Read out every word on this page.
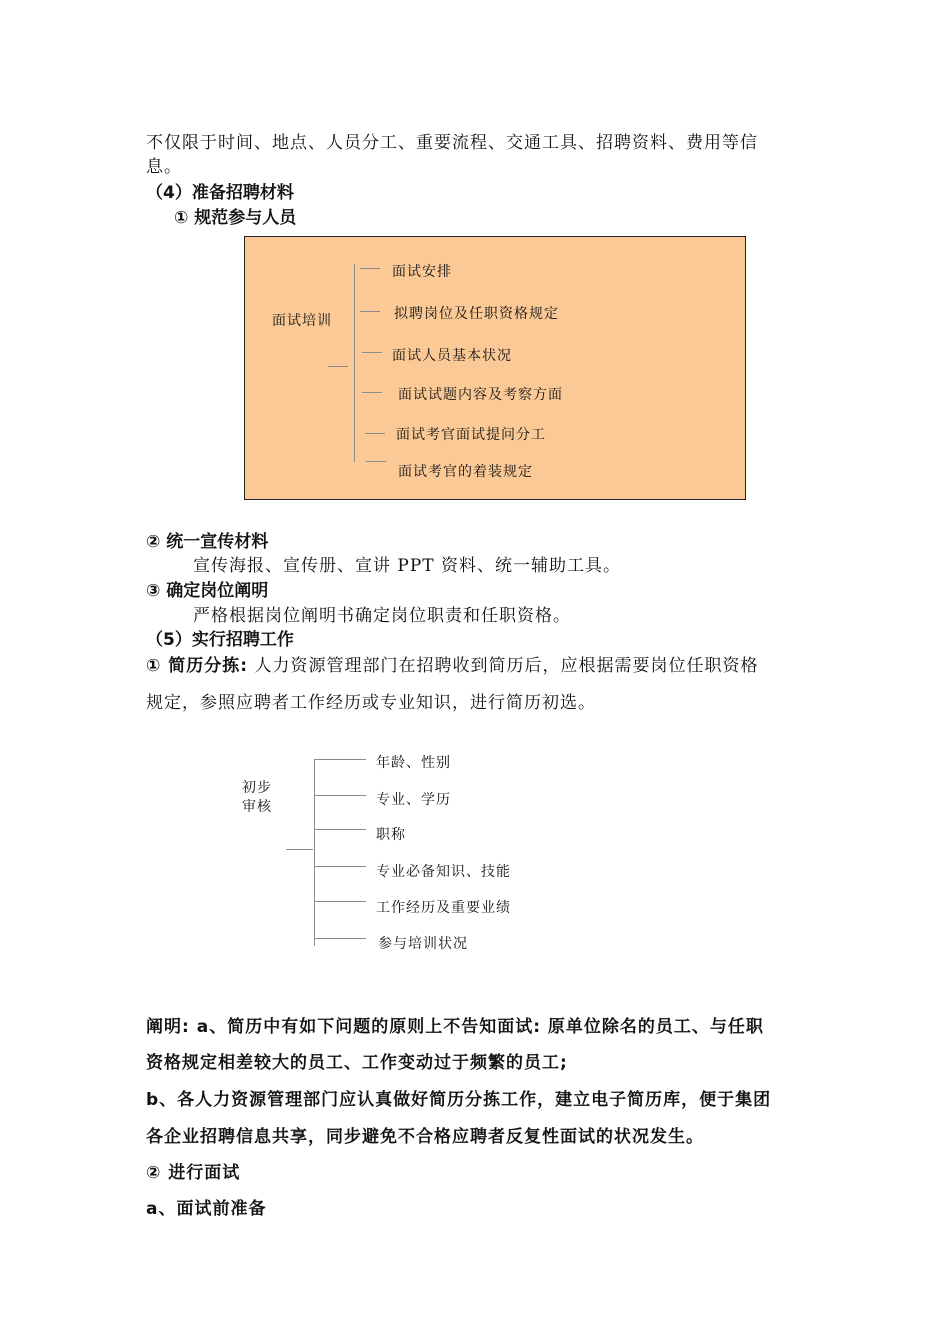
不仅限于时间、地点、人员分工、重要流程、交通工具、招聘资料、费用等信
息。
（4）准备招聘材料
① 规范参与人员
面试培训
面试安排
拟聘岗位及任职资格规定
面试人员基本状况
面试试题内容及考察方面
面试考官面试提问分工
面试考官的着装规定
② 统一宣传材料
宣传海报、宣传册、宣讲 PPT 资料、统一辅助工具。
③ 确定岗位阐明
严格根据岗位阐明书确定岗位职责和任职资格。
（5）实行招聘工作
① 简历分拣: 人力资源管理部门在招聘收到简历后，应根据需要岗位任职资格
规定，参照应聘者工作经历或专业知识，进行简历初选。
初步
审核
年龄、性别
专业、学历
职称
专业必备知识、技能
工作经历及重要业绩
参与培训状况
阐明: a、简历中有如下问题的原则上不告知面试: 原单位除名的员工、与任职
资格规定相差较大的员工、工作变动过于频繁的员工;
b、各人力资源管理部门应认真做好简历分拣工作，建立电子简历库，便于集团
各企业招聘信息共享，同步避免不合格应聘者反复性面试的状况发生。
② 进行面试
a、面试前准备
